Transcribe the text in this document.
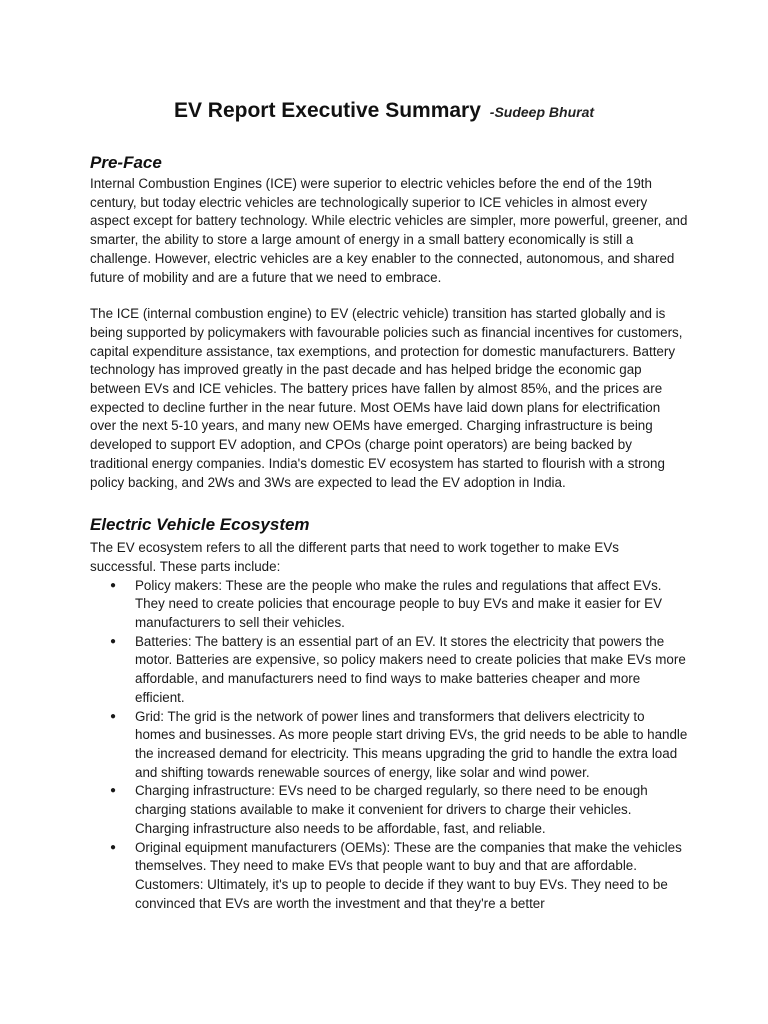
EV Report Executive Summary -Sudeep Bhurat
Pre-Face

Internal Combustion Engines (ICE) were superior to electric vehicles before the end of the 19th century, but today electric vehicles are technologically superior to ICE vehicles in almost every aspect except for battery technology. While electric vehicles are simpler, more powerful, greener, and smarter, the ability to store a large amount of energy in a small battery economically is still a challenge. However, electric vehicles are a key enabler to the connected, autonomous, and shared future of mobility and are a future that we need to embrace.

The ICE (internal combustion engine) to EV (electric vehicle) transition has started globally and is being supported by policymakers with favourable policies such as financial incentives for customers, capital expenditure assistance, tax exemptions, and protection for domestic manufacturers. Battery technology has improved greatly in the past decade and has helped bridge the economic gap between EVs and ICE vehicles. The battery prices have fallen by almost 85%, and the prices are expected to decline further in the near future. Most OEMs have laid down plans for electrification over the next 5-10 years, and many new OEMs have emerged. Charging infrastructure is being developed to support EV adoption, and CPOs (charge point operators) are being backed by traditional energy companies. India's domestic EV ecosystem has started to flourish with a strong policy backing, and 2Ws and 3Ws are expected to lead the EV adoption in India.

Electric Vehicle Ecosystem

The EV ecosystem refers to all the different parts that need to work together to make EVs successful. These parts include:

● Policy makers: These are the people who make the rules and regulations that affect EVs. They need to create policies that encourage people to buy EVs and make it easier for EV manufacturers to sell their vehicles.
● Batteries: The battery is an essential part of an EV. It stores the electricity that powers the motor. Batteries are expensive, so policy makers need to create policies that make EVs more affordable, and manufacturers need to find ways to make batteries cheaper and more efficient.
● Grid: The grid is the network of power lines and transformers that delivers electricity to homes and businesses. As more people start driving EVs, the grid needs to be able to handle the increased demand for electricity. This means upgrading the grid to handle the extra load and shifting towards renewable sources of energy, like solar and wind power.
● Charging infrastructure: EVs need to be charged regularly, so there need to be enough charging stations available to make it convenient for drivers to charge their vehicles. Charging infrastructure also needs to be affordable, fast, and reliable.
● Original equipment manufacturers (OEMs): These are the companies that make the vehicles themselves. They need to make EVs that people want to buy and that are affordable. Customers: Ultimately, it's up to people to decide if they want to buy EVs. They need to be convinced that EVs are worth the investment and that they're a better
